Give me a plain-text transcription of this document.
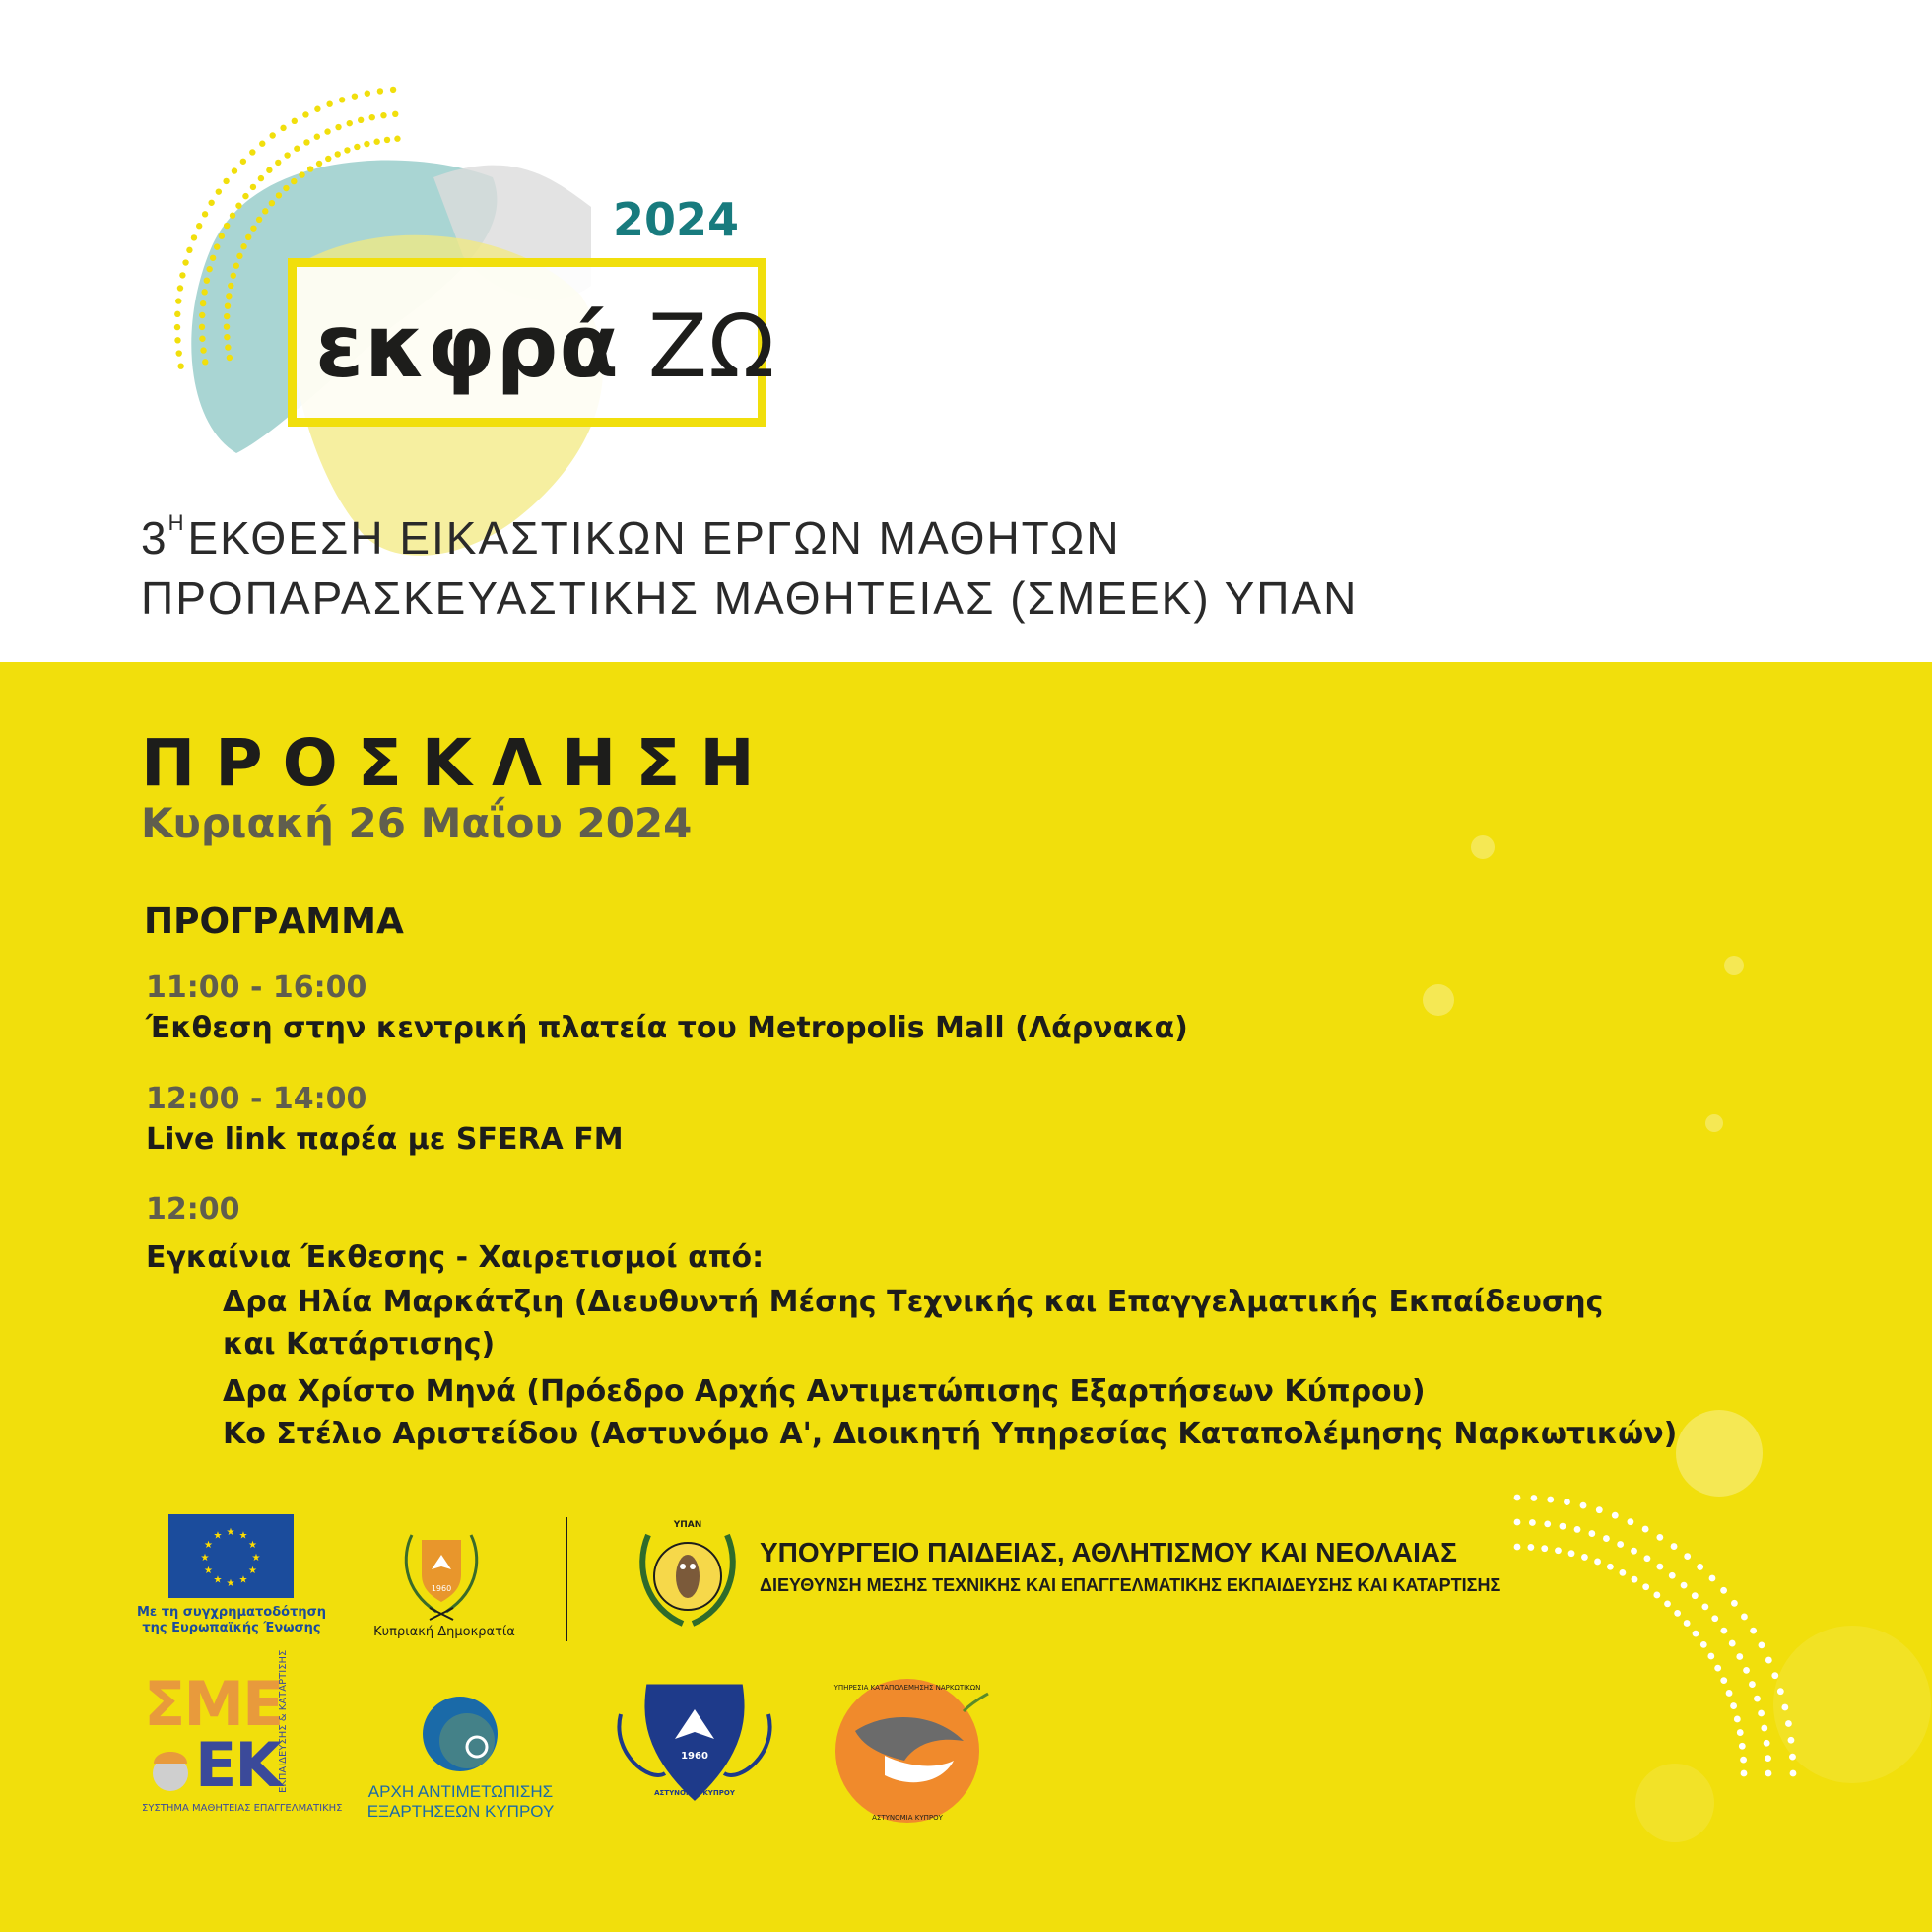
2024
εκφρά ΖΩ
$3^HEK\Theta E\Sigma H$ ΕΙΚΑΣΤΙΚΩΝ ΕΡΓΩΝ ΜΑΘΗΤΩΝ
ΠΡΟΠΑΡΑΣΚΕΥΑΣΤΙΚΗΣ ΜΑΘΗΤΕΙΑΣ (ΣΜΕΕΚ) ΥΠΑΝ
ΠΡΟΣΚΛΗΣΗ
Κυριακή 26 Μαΐου 2024
ΠΡΟΓΡΑΜΜΑ
11:00 - 16:00
Έκθεση στην κεντρική πλατεία του Metropolis Mall (Λάρνακα)
12:00 - 14:00
Live link παρέα με SFERA FM
12:00
Εγκαίνια Έκθεσης - Χαιρετισμοί από:
Δρα Ηλία Μαρκάτζιη (Διευθυντή Μέσης Τεχνικής και Επαγγελματικής Εκπαίδευσης
και Κατάρτισης)
Δρα Χρίστο Μηνά (Πρόεδρο Αρχής Αντιμετώπισης Εξαρτήσεων Κύπρου)
Κο Στέλιο Αριστείδου (Αστυνόμο Α', Διοικητή Υπηρεσίας Καταπολέμησης Ναρκωτικών)
★
★
★
★
★
★
★
★
★ ★ ★
★
Με τη συγχρηματοδότηση
της Ευρωπαϊκής Ένωσης
1960
Κυπριακή Δημοκρατία
ΥΠΑΝ
ΥΠΟΥΡΓΕΙΟ ΠΑΙΔΕΙΑΣ, ΑΘΛΗΤΙΣΜΟΥ ΚΑΙ ΝΕΟΛΑΙΑΣ
ΔΙΕΥΘΥΝΣΗ ΜΕΣΗΣ ΤΕΧΝΙΚΗΣ ΚΑΙ ΕΠΑΓΓΕΛΜΑΤΙΚΗΣ ΕΚΠΑΙΔΕΥΣΗΣ ΚΑΙ ΚΑΤΑΡΤΙΣΗΣ
ΣΜΕ
ΕΚ
ΕΚΠΑΙΔΕΥΣΗΣ & ΚΑΤΑΡΤΙΣΗΣ
ΣΥΣΤΗΜΑ ΜΑΘΗΤΕΙΑΣ ΕΠΑΓΓΕΛΜΑΤΙΚΗΣ
ΑΡΧΗ ΑΝΤΙΜΕΤΩΠΙΣΗΣ
ΕΞΑΡΤΗΣΕΩΝ ΚΥΠΡΟΥ
1960
ΑΣΤΥΝΟΜΙΑ ΚΥΠΡΟΥ
ΥΠΗΡΕΣΙΑ ΚΑΤΑΠΟΛΕΜΗΣΗΣ ΝΑΡΚΩΤΙΚΩΝ
ΑΣΤΥΝΟΜΙΑ ΚΥΠΡΟΥ
